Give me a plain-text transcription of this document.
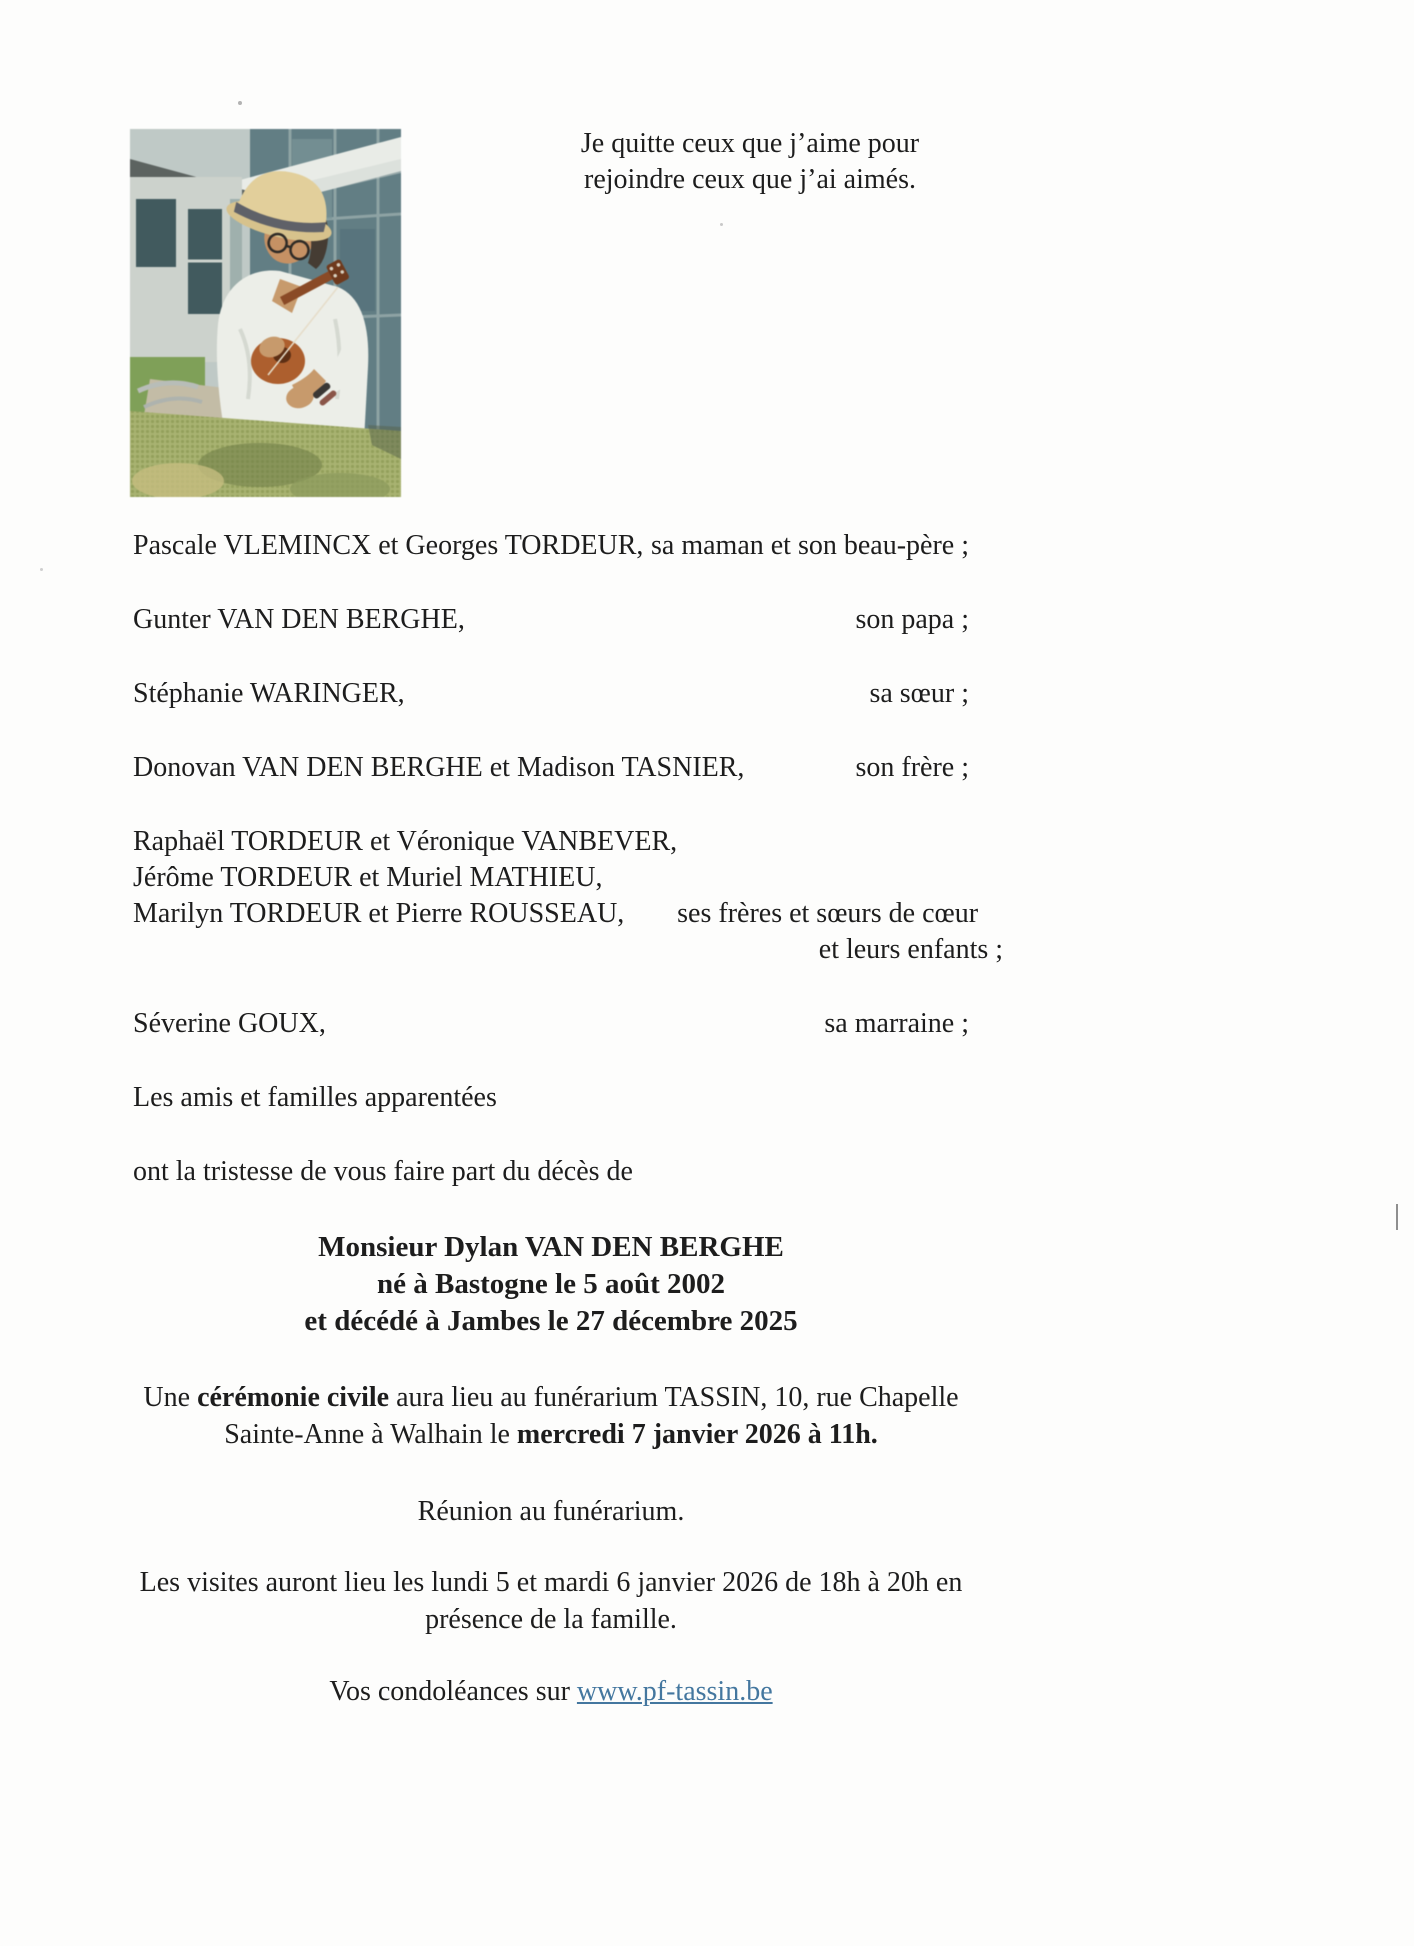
Je quitte ceux que j’aime pour
rejoindre ceux que j’ai aimés.
Pascale VLEMINCX et Georges TORDEUR, sa maman et son beau-père ;
Gunter VAN DEN BERGHE,	son papa ;
Stéphanie WARINGER,	sa sœur ;
Donovan VAN DEN BERGHE et Madison TASNIER,	son frère ;
Raphaël TORDEUR et Véronique VANBEVER,
Jérôme TORDEUR et Muriel MATHIEU,
Marilyn TORDEUR et Pierre ROUSSEAU,	ses frères et sœurs de cœur
et leurs enfants ;
Séverine GOUX,	sa marraine ;
Les amis et familles apparentées
ont la tristesse de vous faire part du décès de
Monsieur Dylan VAN DEN BERGHE
né à Bastogne le 5 août 2002
et décédé à Jambes le 27 décembre 2025
Une cérémonie civile aura lieu au funérarium TASSIN, 10, rue Chapelle
Sainte-Anne à Walhain le mercredi 7 janvier 2026 à 11h.
Réunion au funérarium.
Les visites auront lieu les lundi 5 et mardi 6 janvier 2026 de 18h à 20h en
présence de la famille.
Vos condoléances sur www.pf-tassin.be
